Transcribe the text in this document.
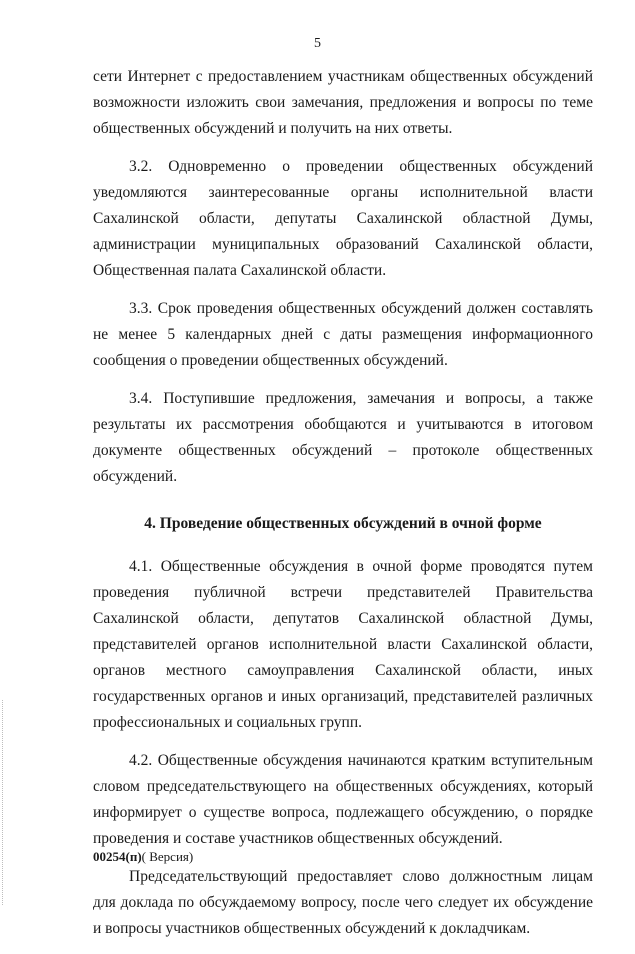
5

сети Интернет с предоставлением участникам общественных обсуждений возможности изложить свои замечания, предложения и вопросы по теме общественных обсуждений и получить на них ответы.

3.2. Одновременно о проведении общественных обсуждений уведомляются заинтересованные органы исполнительной власти Сахалинской области, депутаты Сахалинской областной Думы, администрации муниципальных образований Сахалинской области, Общественная палата Сахалинской области.

3.3. Срок проведения общественных обсуждений должен составлять не менее 5 календарных дней с даты размещения информационного сообщения о проведении общественных обсуждений.

3.4. Поступившие предложения, замечания и вопросы, а также результаты их рассмотрения обобщаются и учитываются в итоговом документе общественных обсуждений – протоколе общественных обсуждений.

4. Проведение общественных обсуждений в очной форме

4.1. Общественные обсуждения в очной форме проводятся путем проведения публичной встречи представителей Правительства Сахалинской области, депутатов Сахалинской областной Думы, представителей органов исполнительной власти Сахалинской области, органов местного самоуправления Сахалинской области, иных государственных органов и иных организаций, представителей различных профессиональных и социальных групп.

4.2. Общественные обсуждения начинаются кратким вступительным словом председательствующего на общественных обсуждениях, который информирует о существе вопроса, подлежащего обсуждению, о порядке проведения и составе участников общественных обсуждений.

Председательствующий предоставляет слово должностным лицам для доклада по обсуждаемому вопросу, после чего следует их обсуждение и вопросы участников общественных обсуждений к докладчикам.

00254(п)( Версия)
